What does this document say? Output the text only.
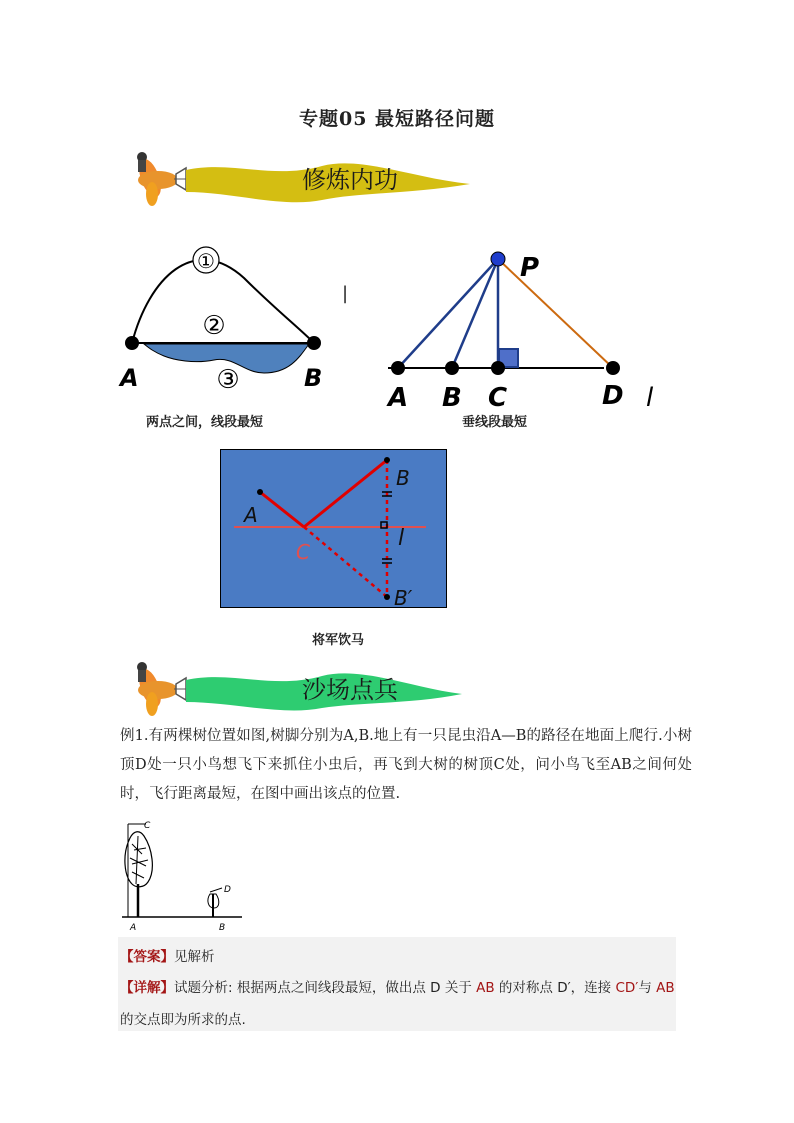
专题05 最短路径问题
修炼内功
①
②
③
A	B
两点之间，线段最短
|
P
A B C	D l
垂线段最短
A
B
C
l
B′
将军饮马
沙场点兵
例1.有两棵树位置如图,树脚分别为A,B.地上有一只昆虫沿A—B的路径在地面上爬行.小树顶D处一只小鸟想飞下来抓住小虫后，再飞到大树的树顶C处，问小鸟飞至AB之间何处时，飞行距离最短，在图中画出该点的位置.
C
D
A	B
【答案】见解析
【详解】试题分析: 根据两点之间线段最短，做出点 D 关于 AB 的对称点 D′，连接 CD′与 AB
的交点即为所求的点.
